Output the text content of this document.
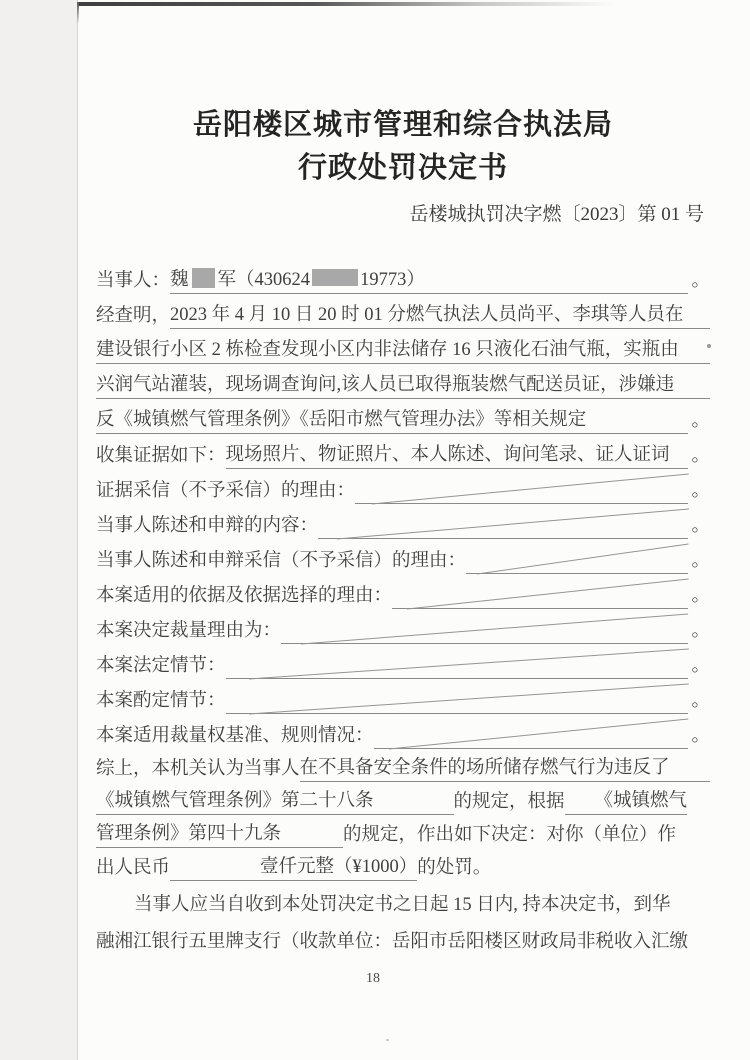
岳阳楼区城市管理和综合执法局
行政处罚决定书
岳楼城执罚决字燃〔2023〕第 01 号
当事人： 魏 军（430624	19773）	。
经查明， 2023 年 4 月 10 日 20 时 01 分燃气执法人员尚平、李琪等人员在
建设银行小区 2 栋检查发现小区内非法储存 16 只液化石油气瓶，实瓶由
兴润气站灌装，现场调查询问,该人员已取得瓶装燃气配送员证，涉嫌违
反《城镇燃气管理条例》《岳阳市燃气管理办法》等相关规定	。
收集证据如下： 现场照片、物证照片、本人陈述、询问笔录、证人证词	。
证据采信（不予采信）的理由：	。
当事人陈述和申辩的内容：	。
当事人陈述和申辩采信（不予采信）的理由：	。
本案适用的依据及依据选择的理由：	。
本案决定裁量理由为：	。
本案法定情节：	。
本案酌定情节：	。
本案适用裁量权基准、规则情况：	。
综上，本机关认为当事人 在不具备安全条件的场所储存燃气行为违反了
《城镇燃气管理条例》第二十八条	的规定，根据 《城镇燃气
管理条例》第四十九条	的规定，作出如下决定：对你（单位）作
出人民币	壹仟元整（¥1000） 的处罚。
当事人应当自收到本处罚决定书之日起 15 日内, 持本决定书，到华
融湘江银行五里牌支行（收款单位：岳阳市岳阳楼区财政局非税收入汇缴
18
